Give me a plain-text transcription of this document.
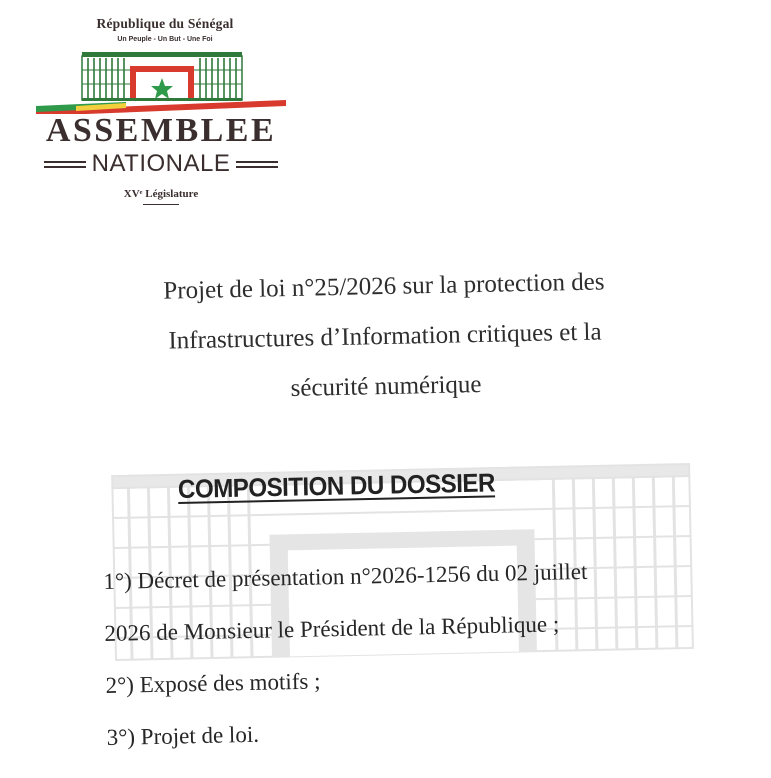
République du Sénégal
Un Peuple - Un But - Une Foi
ASSEMBLEE
NATIONALE
XVᵉ Législature
Projet de loi n°25/2026 sur la protection des
Infrastructures d’Information critiques et la
sécurité numérique
COMPOSITION DU DOSSIER
1°) Décret de présentation n°2026-1256 du 02 juillet
2026 de Monsieur le Président de la République ;
2°) Exposé des motifs ;
3°) Projet de loi.
